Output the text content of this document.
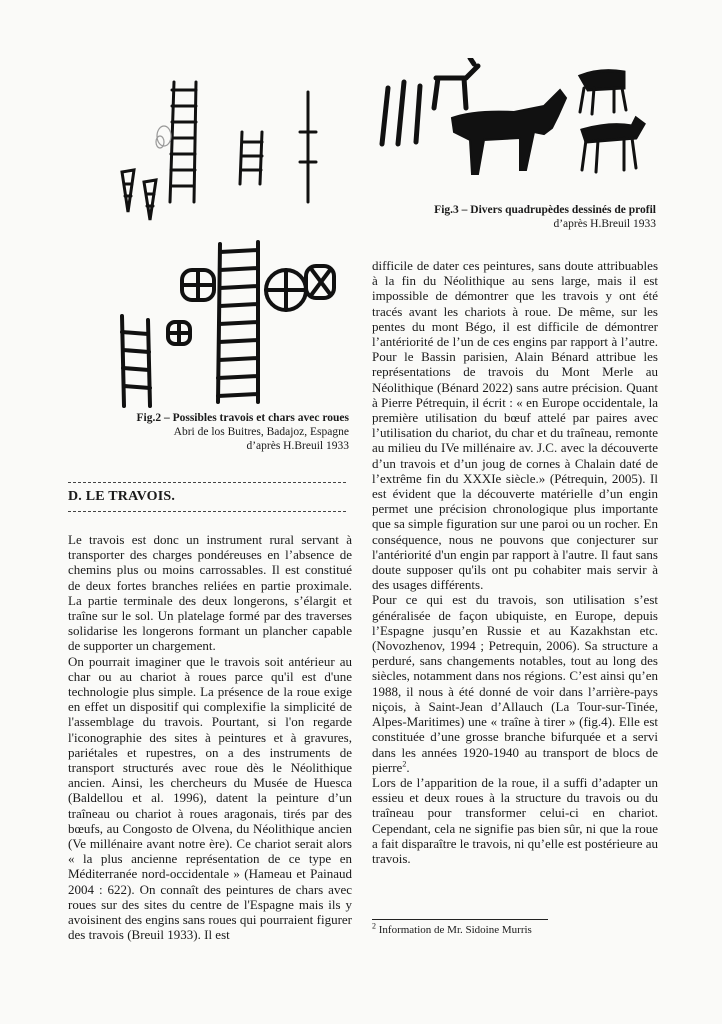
Fig.3 – Divers quadrupèdes dessinés de profil
d’après H.Breuil 1933
Fig.2 – Possibles travois et chars avec roues
Abri de los Buitres, Badajoz, Espagne
d’après H.Breuil 1933
D. LE TRAVOIS.

Le travois est donc un instrument rural servant à transporter des charges pondéreuses en l’absence de chemins plus ou moins carrossables. Il est constitué de deux fortes branches reliées en partie proximale. La partie terminale des deux longerons, s’élargit et traîne sur le sol. Un platelage formé par des traverses solidarise les longerons formant un plancher capable de supporter un chargement.

On pourrait imaginer que le travois soit antérieur au char ou au chariot à roues parce qu'il est d'une technologie plus simple. La présence de la roue exige en effet un dispositif qui complexifie la simplicité de l'assemblage du travois. Pourtant, si l'on regarde l'iconographie des sites à peintures et à gravures, pariétales et rupestres, on a des instruments de transport structurés avec roue dès le Néolithique ancien. Ainsi, les chercheurs du Musée de Huesca (Baldellou et al. 1996), datent la peinture d’un traîneau ou chariot à roues aragonais, tirés par des bœufs, au Congosto de Olvena, du Néolithique ancien (Ve millénaire avant notre ère). Ce chariot serait alors « la plus ancienne représentation de ce type en Méditerranée nord-occidentale » (Hameau et Painaud 2004 : 622). On connaît des peintures de chars avec roues sur des sites du centre de l'Espagne mais ils y avoisinent des engins sans roues qui pourraient figurer des travois (Breuil 1933). Il est

difficile de dater ces peintures, sans doute attribuables à la fin du Néolithique au sens large, mais il est impossible de démontrer que les travois y ont été tracés avant les chariots à roue. De même, sur les pentes du mont Bégo, il est difficile de démontrer l’antériorité de l’un de ces engins par rapport à l’autre. Pour le Bassin parisien, Alain Bénard attribue les représentations de travois du Mont Merle au Néolithique (Bénard 2022) sans autre précision. Quant à Pierre Pétrequin, il écrit : « en Europe occidentale, la première utilisation du bœuf attelé par paires avec l’utilisation du chariot, du char et du traîneau, remonte au milieu du IVe millénaire av. J.C. avec la découverte d’un travois et d’un joug de cornes à Chalain daté de l’extrême fin du XXXIe siècle.» (Pétrequin, 2005). Il est évident que la découverte matérielle d’un engin permet une précision chronologique plus importante que sa simple figuration sur une paroi ou un rocher. En conséquence, nous ne pouvons que conjecturer sur l'antériorité d'un engin par rapport à l'autre. Il faut sans doute supposer qu'ils ont pu cohabiter mais servir à des usages différents.

Pour ce qui est du travois, son utilisation s’est généralisée de façon ubiquiste, en Europe, depuis l’Espagne jusqu’en Russie et au Kazakhstan etc. (Novozhenov, 1994 ; Petrequin, 2006). Sa structure a perduré, sans changements notables, tout au long des siècles, notamment dans nos régions. C’est ainsi qu’en 1988, il nous à été donné de voir dans l’arrière-pays niçois, à Saint-Jean d’Allauch (La Tour-sur-Tinée, Alpes-Maritimes) une « traîne à tirer » (fig.4). Elle est constituée d’une grosse branche bifurquée et a servi dans les années 1920-1940 au transport de blocs de pierre$^2$.

Lors de l’apparition de la roue, il a suffi d’adapter un essieu et deux roues à la structure du travois ou du traîneau pour transformer celui-ci en chariot. Cependant, cela ne signifie pas bien sûr, ni que la roue a fait disparaître le travois, ni qu’elle est postérieure au travois.

$^2$ Information de Mr. Sidoine Murris
